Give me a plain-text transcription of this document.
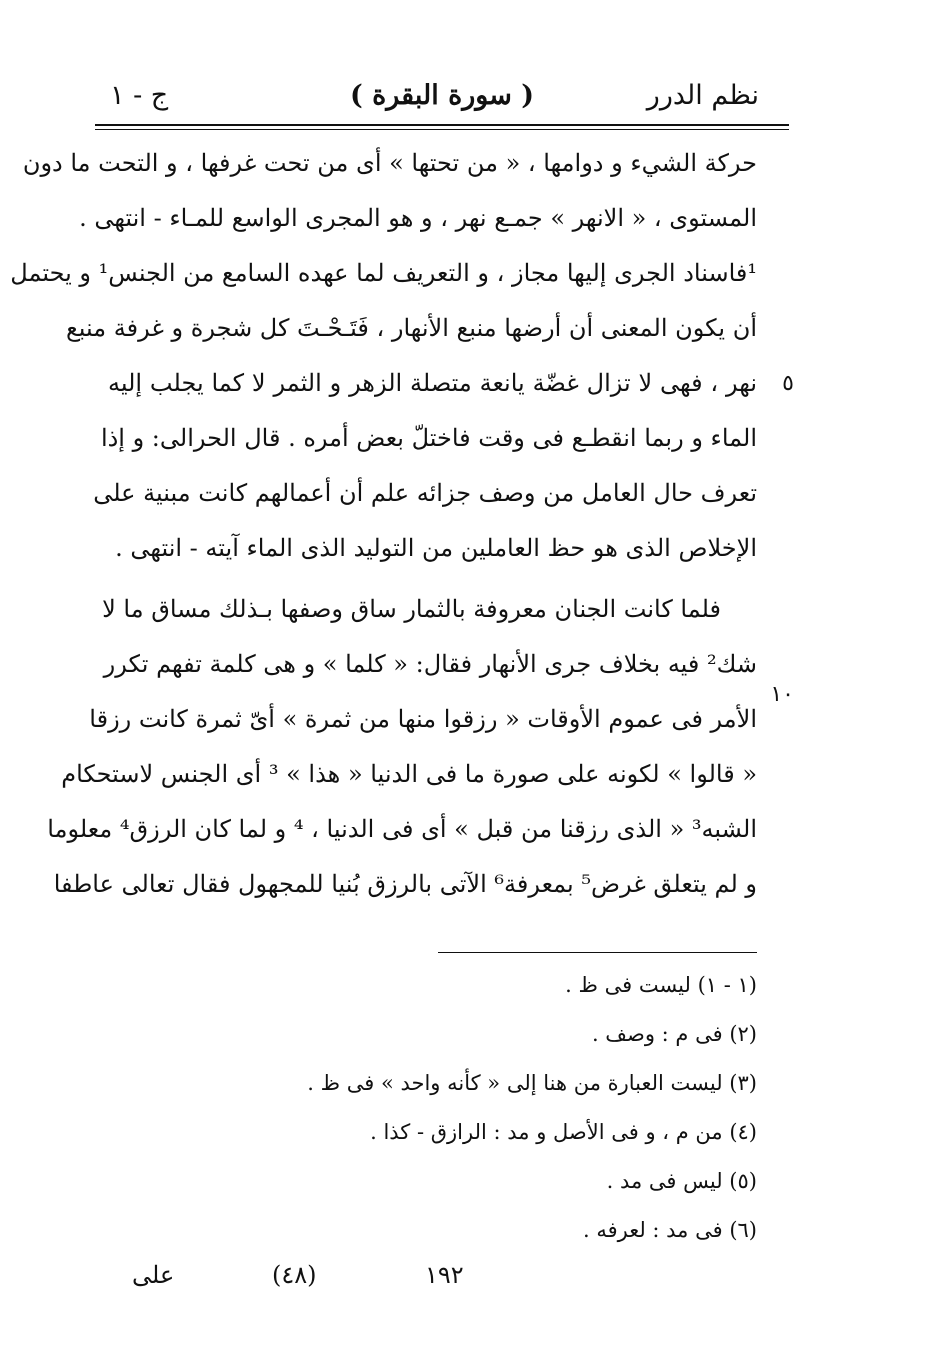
نظم الدرر
( سورة البقرة )
ج - ١
٥
١٠
حركة الشيء و دوامها ، « من تحتها » أى من تحت غرفها ، و التحت ما دون
المستوى ، « الانهر » جمـع نهر ، و هو المجرى الواسع للمـاء - انتهى .
¹فاسناد الجرى إليها مجاز ، و التعريف لما عهده السامع من الجنس¹ و يحتمل
أن يكون المعنى أن أرضها منبع الأنهار ، فَتَـحْـتَ كل شجرة و غرفة منبع
نهر ، فهى لا تزال غضّة يانعة متصلة الزهر و الثمر لا كما يجلب إليه
الماء و ربما انقطـع فى وقت فاختلّ بعض أمره . قال الحرالى: و إذا
تعرف حال العامل من وصف جزائه علم أن أعمالهم كانت مبنية على
الإخلاص الذى هو حظ العاملين من التوليد الذى الماء آيته - انتهى .
فلما كانت الجنان معروفة بالثمار ساق وصفها بـذلك مساق ما لا
شك² فيه بخلاف جرى الأنهار فقال: « كلما » و هى كلمة تفهم تكرر
الأمر فى عموم الأوقات « رزقوا منها من ثمرة » أىّ ثمرة كانت رزقا
« قالوا » لكونه على صورة ما فى الدنيا « هذا » ³ أى الجنس لاستحكام
الشبه³ « الذى رزقنا من قبل » أى فى الدنيا ، ⁴ و لما كان الرزق⁴ معلوما
و لم يتعلق غرض⁵ بمعرفة⁶ الآتى بالرزق بُنيا للمجهول فقال تعالى عاطفا
(١ - ١) ليست فى ظ .
(٢) فى م : وصف .
(٣) ليست العبارة من هنا إلى « كأنه واحد » فى ظ .
(٤) من م ، و فى الأصل و مد : الرازق - كذا .
(٥) ليس فى مد .
(٦) فى مد : لعرفه .
١٩٢
(٤٨)
على
